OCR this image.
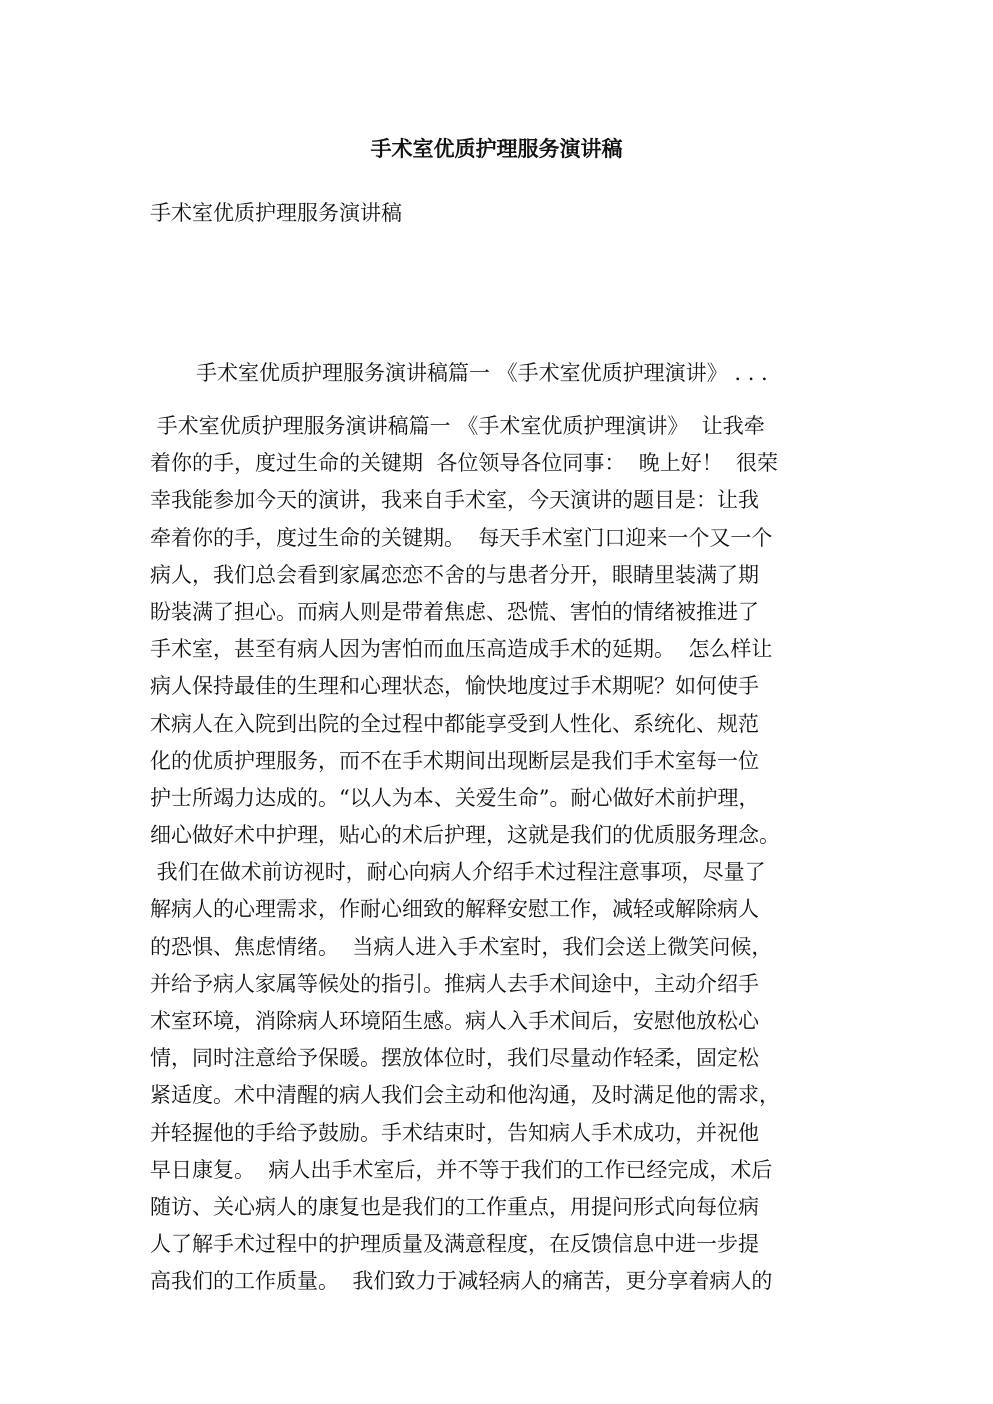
手术室优质护理服务演讲稿
手术室优质护理服务演讲稿
手术室优质护理服务演讲稿篇一 《手术室优质护理演讲》 . . .
手术室优质护理服务演讲稿篇一 《手术室优质护理演讲》  让我牵
着你的手，度过生命的关键期  各位领导各位同事：  晚上好！  很荣
幸我能参加今天的演讲，我来自手术室，今天演讲的题目是：让我
牵着你的手，度过生命的关键期。  每天手术室门口迎来一个又一个
病人，我们总会看到家属恋恋不舍的与患者分开，眼睛里装满了期
盼装满了担心。而病人则是带着焦虑、恐慌、害怕的情绪被推进了
手术室，甚至有病人因为害怕而血压高造成手术的延期。  怎么样让
病人保持最佳的生理和心理状态，愉快地度过手术期呢？如何使手
术病人在入院到出院的全过程中都能享受到人性化、系统化、规范
化的优质护理服务，而不在手术期间出现断层是我们手术室每一位
护士所竭力达成的。“以人为本、关爱生命”。耐心做好术前护理，
细心做好术中护理，贴心的术后护理，这就是我们的优质服务理念。
我们在做术前访视时，耐心向病人介绍手术过程注意事项，尽量了
解病人的心理需求，作耐心细致的解释安慰工作，减轻或解除病人
的恐惧、焦虑情绪。  当病人进入手术室时，我们会送上微笑问候，
并给予病人家属等候处的指引。推病人去手术间途中，主动介绍手
术室环境，消除病人环境陌生感。病人入手术间后，安慰他放松心
情，同时注意给予保暖。摆放体位时，我们尽量动作轻柔，固定松
紧适度。术中清醒的病人我们会主动和他沟通，及时满足他的需求，
并轻握他的手给予鼓励。手术结束时，告知病人手术成功，并祝他
早日康复。  病人出手术室后，并不等于我们的工作已经完成，术后
随访、关心病人的康复也是我们的工作重点，用提问形式向每位病
人了解手术过程中的护理质量及满意程度，在反馈信息中进一步提
高我们的工作质量。  我们致力于减轻病人的痛苦，更分享着病人的
